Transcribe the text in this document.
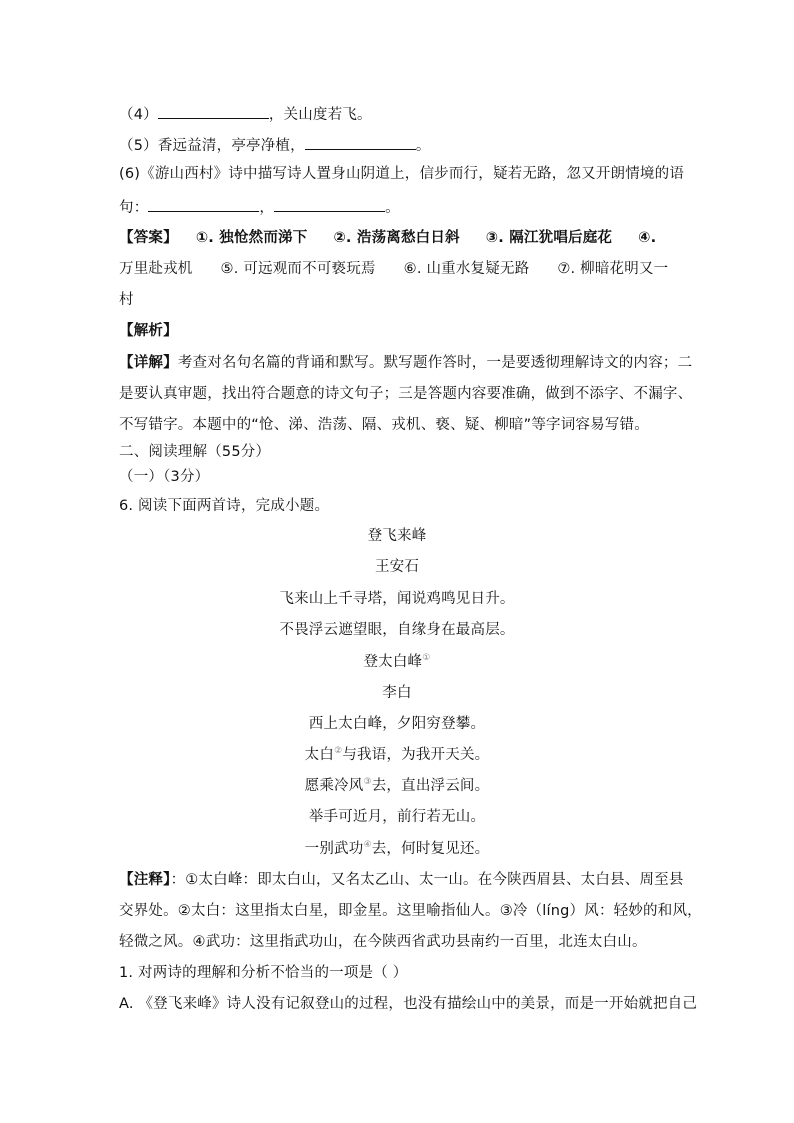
（4）	，关山度若飞。
（5）香远益清，亭亭净植，	。
(6)《游山西村》诗中描写诗人置身山阴道上，信步而行，疑若无路，忽又开朗情境的语
句：	，	。
【答案】 ①. 独怆然而涕下 ②. 浩荡离愁白日斜 ③. 隔江犹唱后庭花 ④.
万里赴戎机 ⑤. 可远观而不可亵玩焉 ⑥. 山重水复疑无路 ⑦. 柳暗花明又一
村
【解析】
【详解】考查对名句名篇的背诵和默写。默写题作答时，一是要透彻理解诗文的内容；二
是要认真审题，找出符合题意的诗文句子；三是答题内容要准确，做到不添字、不漏字、
不写错字。本题中的“怆、涕、浩荡、隔、戎机、亵、疑、柳暗”等字词容易写错。
二、阅读理解（55分）
（一）（3分）
6. 阅读下面两首诗，完成小题。
登飞来峰
王安石
飞来山上千寻塔，闻说鸡鸣见日升。
不畏浮云遮望眼，自缘身在最高层。
登太白峰①
李白
西上太白峰，夕阳穷登攀。
太白②与我语，为我开天关。
愿乘冷风③去，直出浮云间。
举手可近月，前行若无山。
一别武功④去，何时复见还。
【注释】：①太白峰：即太白山，又名太乙山、太一山。在今陕西眉县、太白县、周至县
交界处。②太白：这里指太白星，即金星。这里喻指仙人。③冷（líng）风：轻妙的和风，
轻微之风。④武功：这里指武功山，在今陕西省武功县南约一百里，北连太白山。
1. 对两诗的理解和分析不恰当的一项是（ ）
A. 《登飞来峰》诗人没有记叙登山的过程，也没有描绘山中的美景，而是一开始就把自己
